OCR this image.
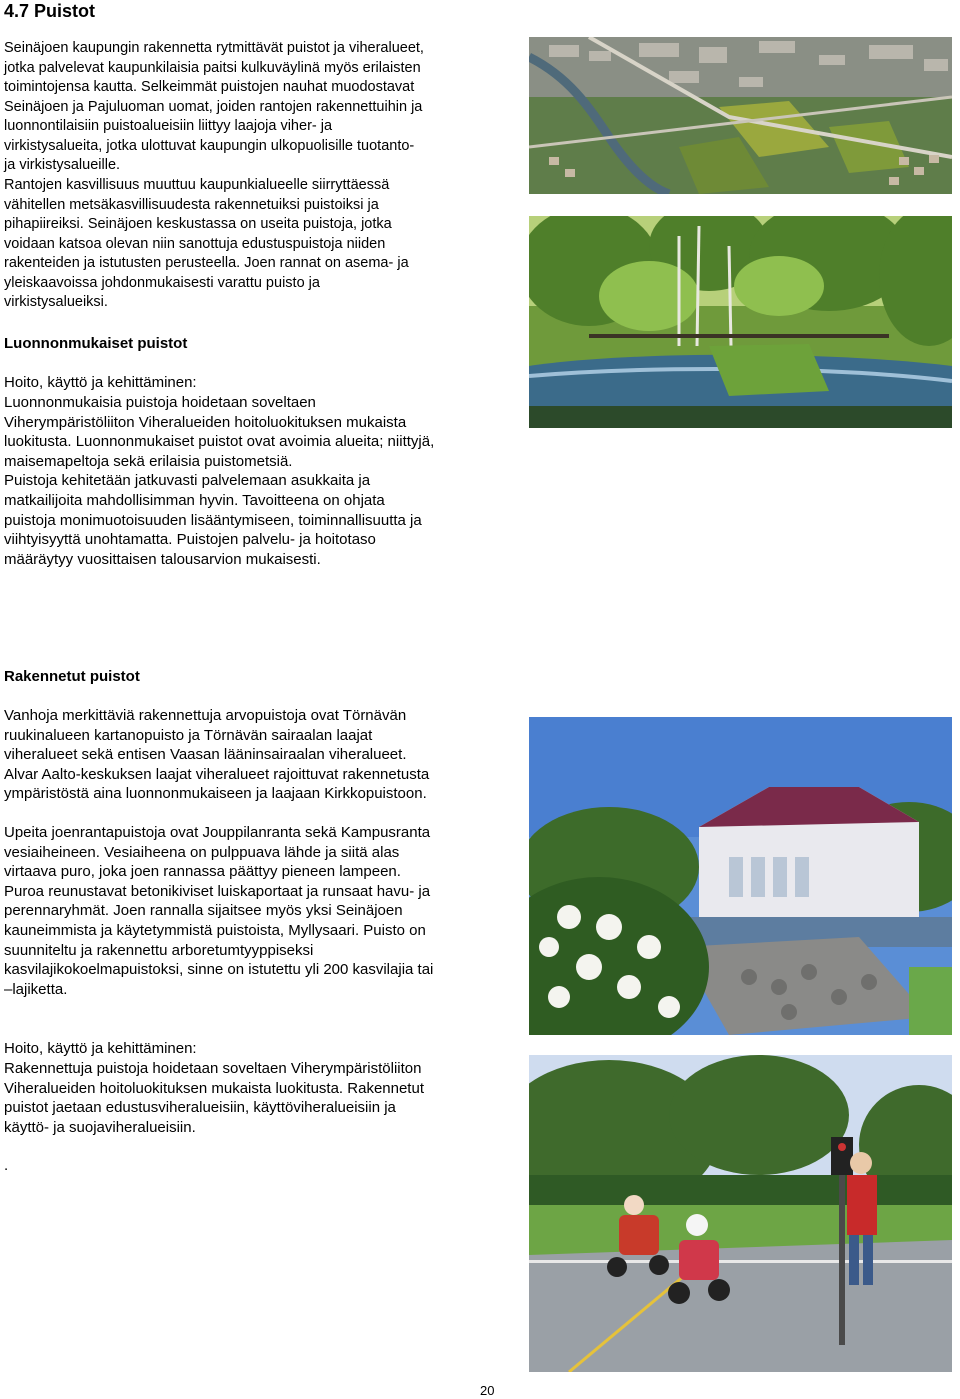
4.7 Puistot
Seinäjoen kaupungin rakennetta rytmittävät puistot ja viheralueet,
jotka palvelevat kaupunkilaisia paitsi kulkuväylinä myös erilaisten
toimintojensa kautta. Selkeimmät puistojen nauhat muodostavat
Seinäjoen ja Pajuluoman uomat, joiden rantojen rakennettuihin ja
luonnontilaisiin puistoalueisiin liittyy laajoja viher- ja
virkistysalueita, jotka ulottuvat kaupungin ulkopuolisille tuotanto-
ja virkistysalueille.
Rantojen kasvillisuus muuttuu kaupunkialueelle siirryttäessä
vähitellen metsäkasvillisuudesta rakennetuiksi puistoiksi ja
pihapiireiksi. Seinäjoen keskustassa on useita puistoja, jotka
voidaan katsoa olevan niin sanottuja edustuspuistoja niiden
rakenteiden ja istutusten perusteella. Joen rannat on asema- ja
yleiskaavoissa johdonmukaisesti varattu puisto ja
virkistysalueiksi.
Luonnonmukaiset puistot
Hoito, käyttö ja kehittäminen:
Luonnonmukaisia puistoja hoidetaan soveltaen
Viherympäristöliiton Viheralueiden hoitoluokituksen mukaista
luokitusta. Luonnonmukaiset puistot ovat avoimia alueita; niittyjä,
maisemapeltoja sekä erilaisia puistometsiä.
Puistoja kehitetään jatkuvasti palvelemaan asukkaita ja
matkailijoita mahdollisimman hyvin. Tavoitteena on ohjata
puistoja monimuotoisuuden lisääntymiseen, toiminnallisuutta ja
viihtyisyyttä unohtamatta. Puistojen palvelu- ja hoitotaso
määräytyy vuosittaisen talousarvion mukaisesti.
Rakennetut puistot
Vanhoja merkittäviä rakennettuja arvopuistoja ovat Törnävän
ruukinalueen kartanopuisto ja Törnävän sairaalan laajat
viheralueet sekä entisen Vaasan lääninsairaalan viheralueet.
Alvar Aalto-keskuksen laajat viheralueet rajoittuvat rakennetusta
ympäristöstä aina luonnonmukaiseen ja laajaan Kirkkopuistoon.
Upeita joenrantapuistoja ovat Jouppilanranta sekä Kampusranta
vesiaiheineen. Vesiaiheena on pulppuava lähde ja siitä alas
virtaava puro, joka joen rannassa päättyy pieneen lampeen.
Puroa reunustavat betonikiviset luiskaportaat ja runsaat havu- ja
perennaryhmät. Joen rannalla sijaitsee myös yksi Seinäjoen
kauneimmista ja käytetymmistä puistoista, Myllysaari. Puisto on
suunniteltu ja rakennettu arboretumtyyppiseksi
kasvilajikokoelmapuistoksi, sinne on istutettu yli 200 kasvilajia tai
–lajiketta.
Hoito, käyttö ja kehittäminen:
Rakennettuja puistoja hoidetaan soveltaen Viherympäristöliiton
Viheralueiden hoitoluokituksen mukaista luokitusta. Rakennetut
puistot jaetaan edustusviheralueisiin, käyttöviheralueisiin ja
käyttö- ja suojaviheralueisiin.
.
20
